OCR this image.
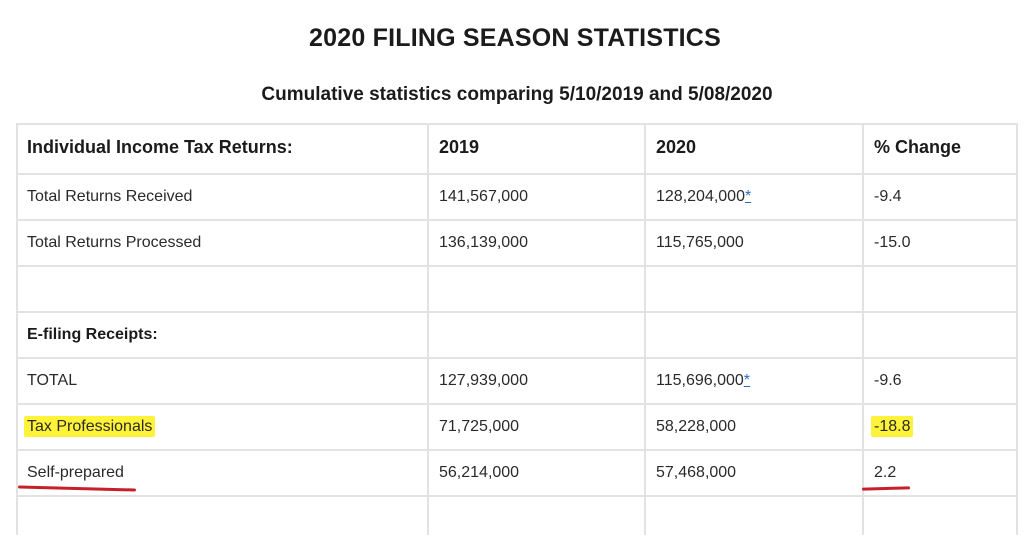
2020 FILING SEASON STATISTICS
Cumulative statistics comparing 5/10/2019 and 5/08/2020
Individual Income Tax Returns:	2019	2020	% Change
Total Returns Received	141,567,000	128,204,000*	-9.4
Total Returns Processed	136,139,000	115,765,000	-15.0
E-filing Receipts:
TOTAL	127,939,000	115,696,000*	-9.6
Tax Professionals	71,725,000	58,228,000	-18.8
Self-prepared	56,214,000	57,468,000	2.2
